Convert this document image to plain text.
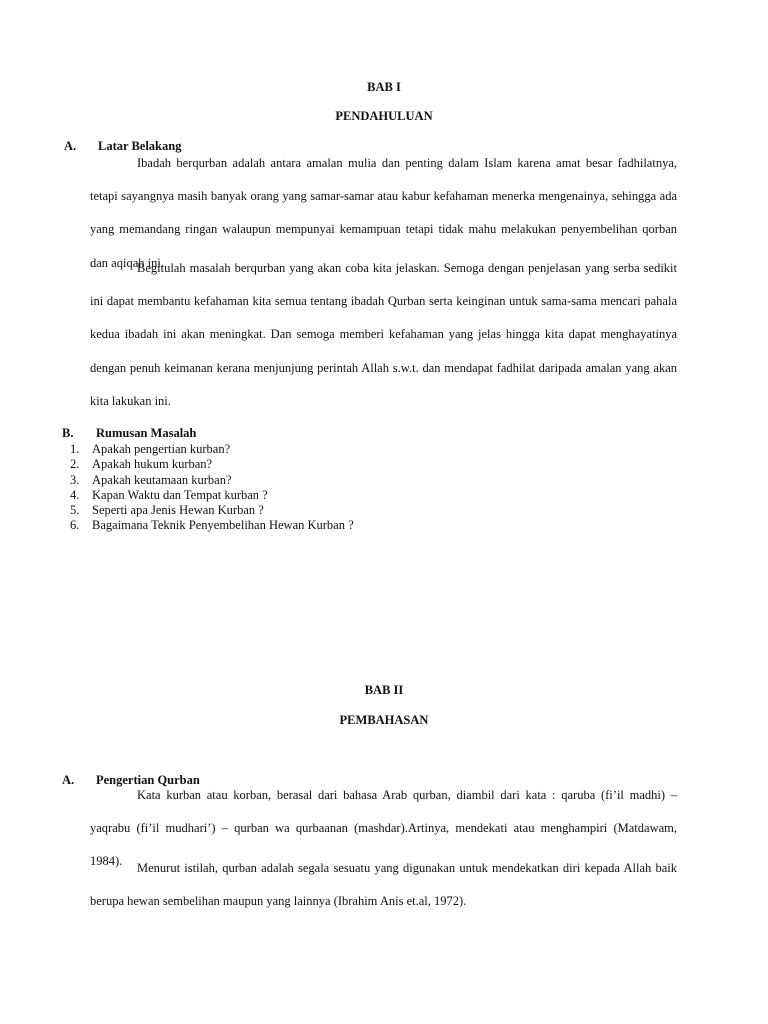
BAB I
PENDAHULUAN
A. Latar Belakang

Ibadah berqurban adalah antara amalan mulia dan penting dalam Islam karena amat besar fadhilatnya, tetapi sayangnya masih banyak orang yang samar-samar atau kabur kefahaman menerka mengenainya, sehingga ada yang memandang ringan walaupun mempunyai kemampuan tetapi tidak mahu melakukan penyembelihan qorban dan aqiqah ini.

Begitulah masalah berqurban yang akan coba kita jelaskan. Semoga dengan penjelasan yang serba sedikit ini dapat membantu kefahaman kita semua tentang ibadah Qurban serta keinginan untuk sama-sama mencari pahala kedua ibadah ini akan meningkat. Dan semoga memberi kefahaman yang jelas hingga kita dapat menghayatinya dengan penuh keimanan kerana menjunjung perintah Allah s.w.t. dan mendapat fadhilat daripada amalan yang akan kita lakukan ini.

B. Rumusan Masalah
1. Apakah pengertian kurban?
2. Apakah hukum kurban?
3. Apakah keutamaan kurban?
4. Kapan Waktu dan Tempat kurban ?
5. Seperti apa Jenis Hewan Kurban ?
6. Bagaimana Teknik Penyembelihan Hewan Kurban ?
BAB II
PEMBAHASAN
A. Pengertian Qurban

Kata kurban atau korban, berasal dari bahasa Arab qurban, diambil dari kata : qaruba (fi’il madhi) – yaqrabu (fi’il mudhari’) – qurban wa qurbaanan (mashdar).Artinya, mendekati atau menghampiri (Matdawam, 1984).	Menurut istilah, qurban adalah segala sesuatu yang digunakan untuk mendekatkan diri kepada Allah baik berupa hewan sembelihan maupun yang lainnya (Ibrahim Anis et.al, 1972).
